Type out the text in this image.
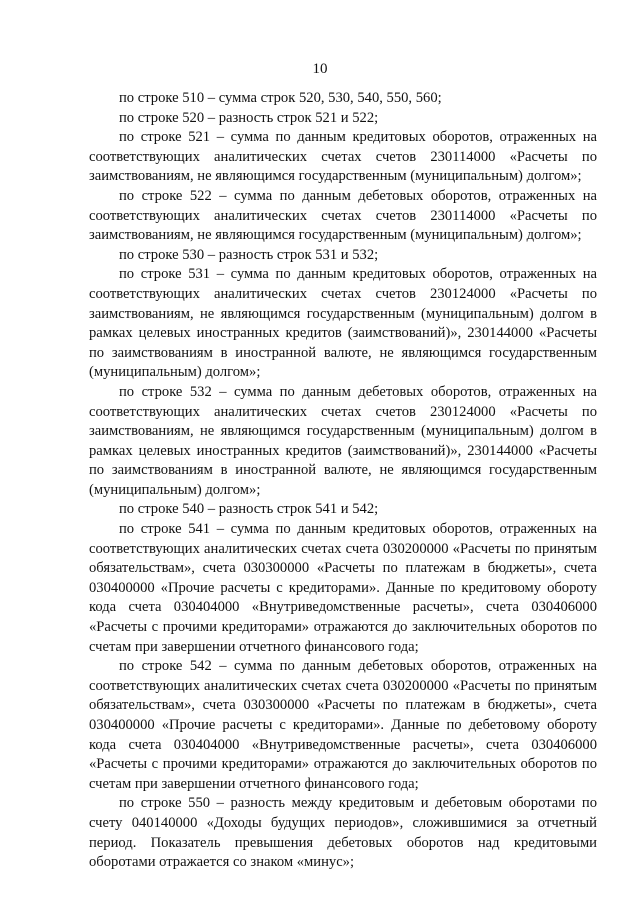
10

по строке 510 – сумма строк 520, 530, 540, 550, 560;

по строке 520 – разность строк 521 и 522;

по строке 521 – сумма по данным кредитовых оборотов, отраженных на соответствующих аналитических счетах счетов 230114000 «Расчеты по заимствованиям, не являющимся государственным (муниципальным) долгом»;

по строке 522 – сумма по данным дебетовых оборотов, отраженных на соответствующих аналитических счетах счетов 230114000 «Расчеты по заимствованиям, не являющимся государственным (муниципальным) долгом»;

по строке 530 – разность строк 531 и 532;

по строке 531 – сумма по данным кредитовых оборотов, отраженных на соответствующих аналитических счетах счетов 230124000 «Расчеты по заимствованиям, не являющимся государственным (муниципальным) долгом в рамках целевых иностранных кредитов (заимствований)», 230144000 «Расчеты по заимствованиям в иностранной валюте, не являющимся государственным (муниципальным) долгом»;

по строке 532 – сумма по данным дебетовых оборотов, отраженных на соответствующих аналитических счетах счетов 230124000 «Расчеты по заимствованиям, не являющимся государственным (муниципальным) долгом в рамках целевых иностранных кредитов (заимствований)», 230144000 «Расчеты по заимствованиям в иностранной валюте, не являющимся государственным (муниципальным) долгом»;

по строке 540 – разность строк 541 и 542;

по строке 541 – сумма по данным кредитовых оборотов, отраженных на соответствующих аналитических счетах счета 030200000 «Расчеты по принятым обязательствам», счета 030300000 «Расчеты по платежам в бюджеты», счета 030400000 «Прочие расчеты с кредиторами». Данные по кредитовому обороту кода счета 030404000 «Внутриведомственные расчеты», счета 030406000 «Расчеты с прочими кредиторами» отражаются до заключительных оборотов по счетам при завершении отчетного финансового года;

по строке 542 – сумма по данным дебетовых оборотов, отраженных на соответствующих аналитических счетах счета 030200000 «Расчеты по принятым обязательствам», счета 030300000 «Расчеты по платежам в бюджеты», счета 030400000 «Прочие расчеты с кредиторами». Данные по дебетовому обороту кода счета 030404000 «Внутриведомственные расчеты», счета 030406000 «Расчеты с прочими кредиторами» отражаются до заключительных оборотов по счетам при завершении отчетного финансового года;

по строке 550 – разность между кредитовым и дебетовым оборотами по счету 040140000 «Доходы будущих периодов», сложившимися за отчетный период. Показатель превышения дебетовых оборотов над кредитовыми оборотами отражается со знаком «минус»;
